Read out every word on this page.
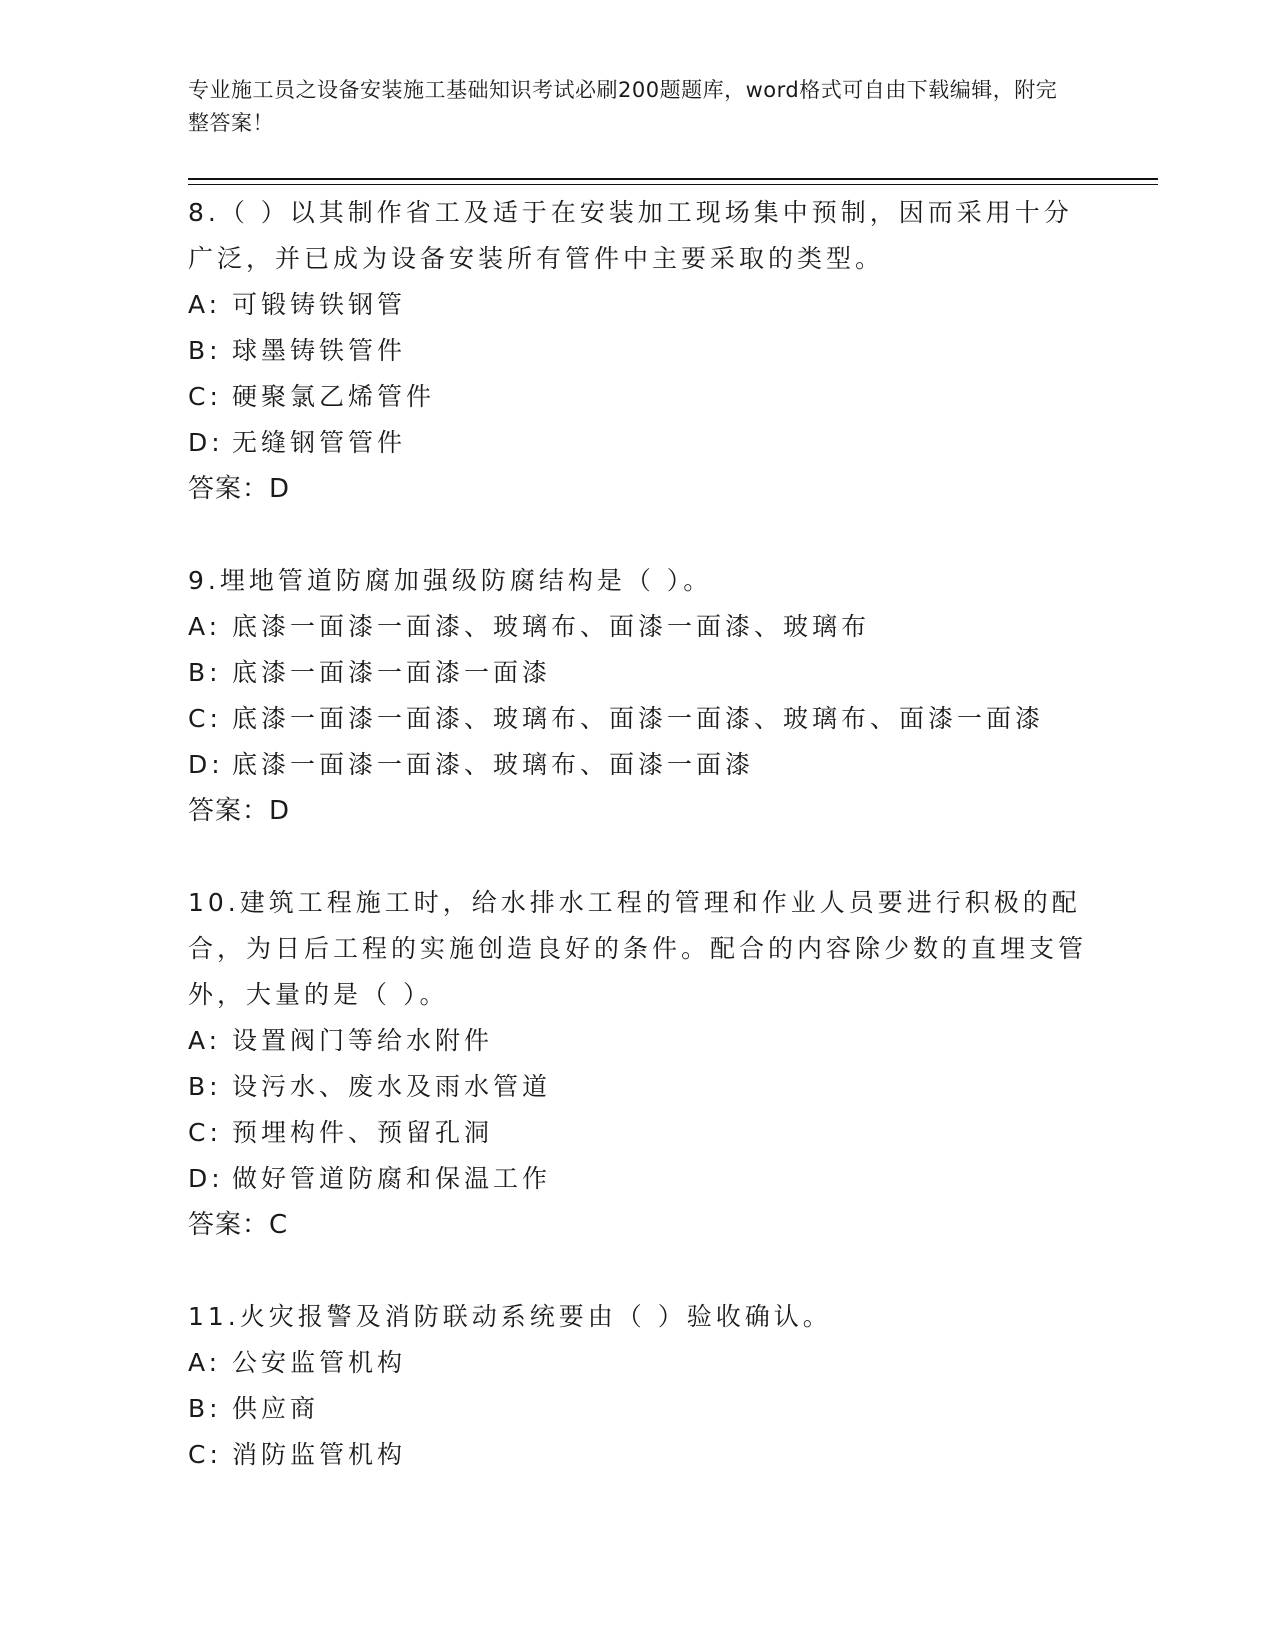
专业施工员之设备安装施工基础知识考试必刷200题题库，word格式可自由下载编辑，附完整答案！

8.（ ）以其制作省工及适于在安装加工现场集中预制，因而采用十分广泛，并已成为设备安装所有管件中主要采取的类型。

A: 可锻铸铁钢管

B: 球墨铸铁管件

C: 硬聚氯乙烯管件

D: 无缝钢管管件

答案：D

9.埋地管道防腐加强级防腐结构是（ ）。

A: 底漆一面漆一面漆、玻璃布、面漆一面漆、玻璃布

B: 底漆一面漆一面漆一面漆

C: 底漆一面漆一面漆、玻璃布、面漆一面漆、玻璃布、面漆一面漆

D: 底漆一面漆一面漆、玻璃布、面漆一面漆

答案：D

10.建筑工程施工时，给水排水工程的管理和作业人员要进行积极的配合，为日后工程的实施创造良好的条件。配合的内容除少数的直埋支管外，大量的是（ ）。

A: 设置阀门等给水附件

B: 设污水、废水及雨水管道

C: 预埋构件、预留孔洞

D: 做好管道防腐和保温工作

答案：C

11.火灾报警及消防联动系统要由（ ）验收确认。

A: 公安监管机构

B: 供应商

C: 消防监管机构
